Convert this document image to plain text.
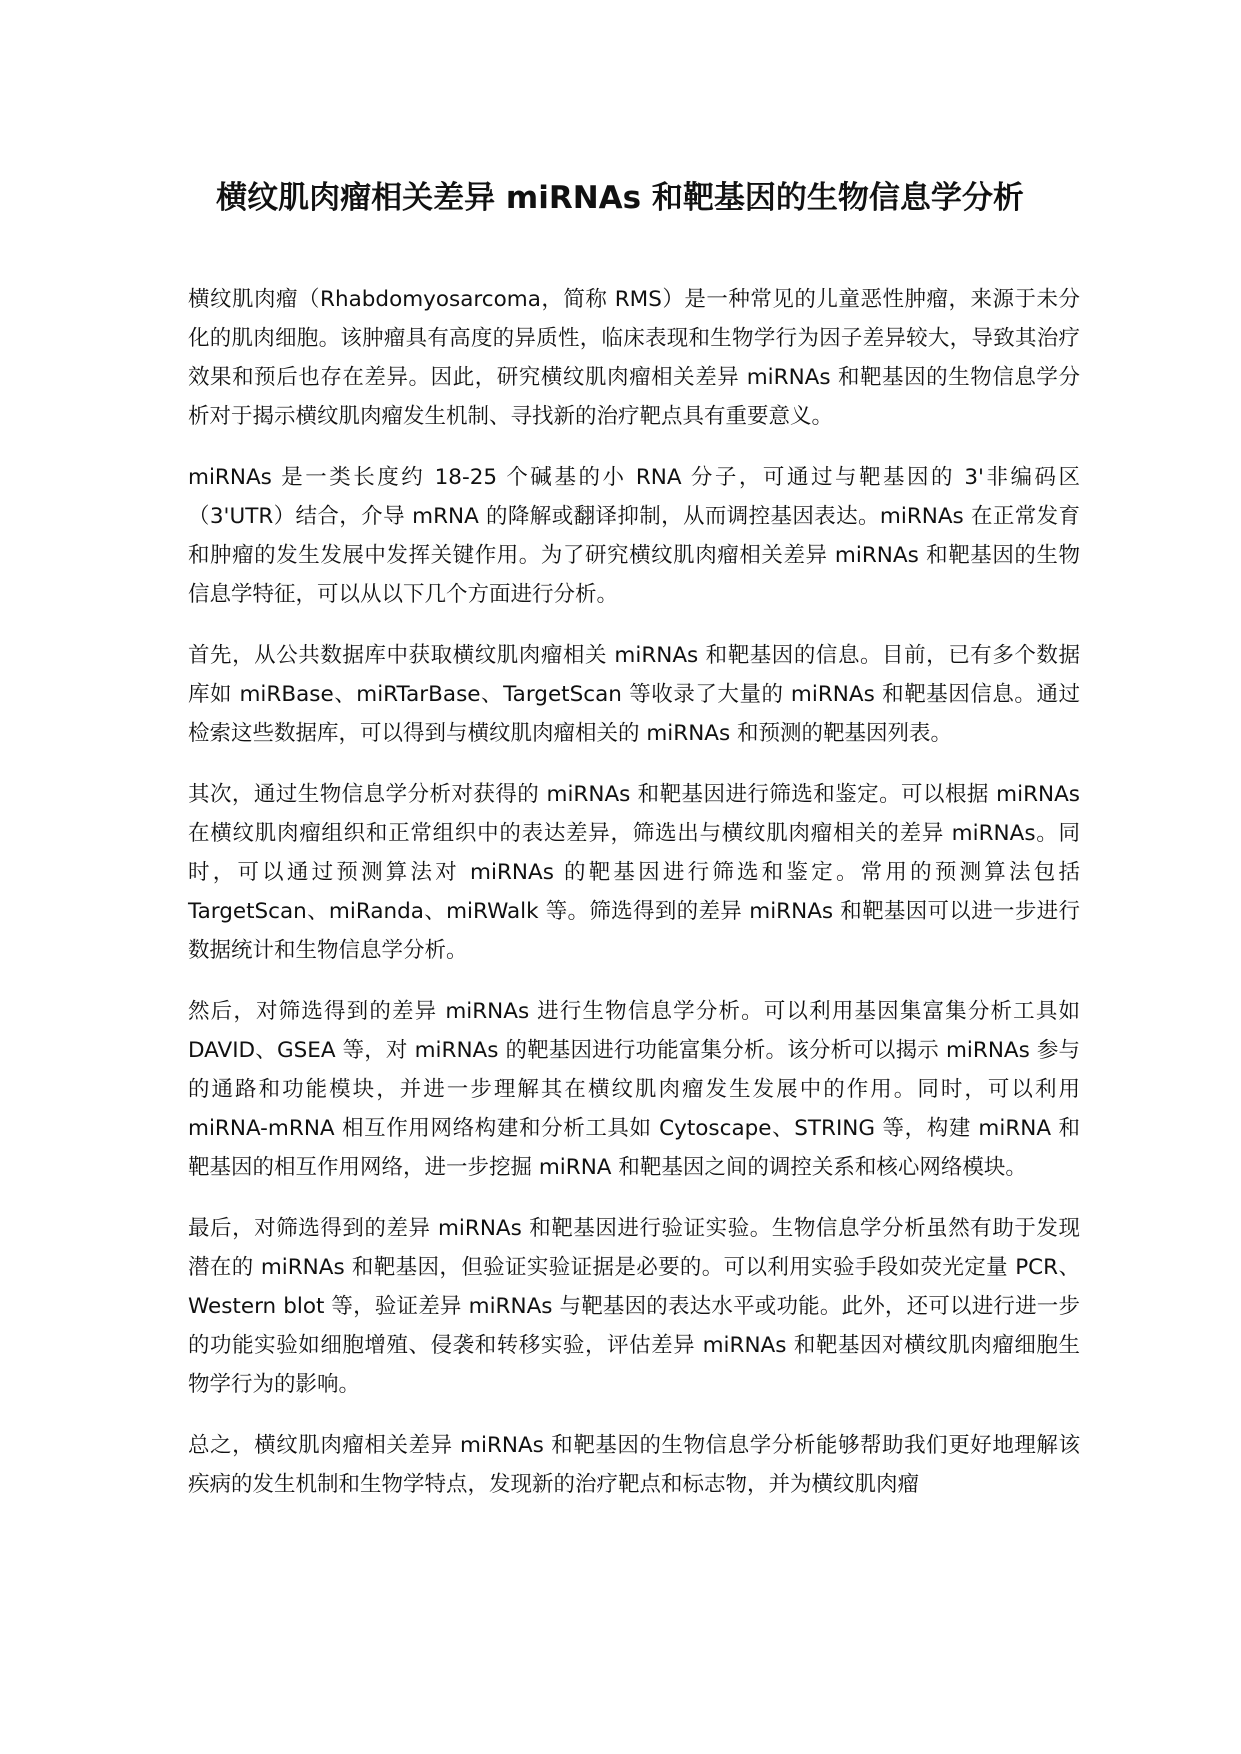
横纹肌肉瘤相关差异 miRNAs 和靶基因的生物信息学分析

横纹肌肉瘤（Rhabdomyosarcoma，简称 RMS）是一种常见的儿童恶性肿瘤，来源于未分化的肌肉细胞。该肿瘤具有高度的异质性，临床表现和生物学行为因子差异较大，导致其治疗效果和预后也存在差异。因此，研究横纹肌肉瘤相关差异 miRNAs 和靶基因的生物信息学分析对于揭示横纹肌肉瘤发生机制、寻找新的治疗靶点具有重要意义。

miRNAs 是一类长度约 18-25 个碱基的小 RNA 分子，可通过与靶基因的 3'非编码区（3'UTR）结合，介导 mRNA 的降解或翻译抑制，从而调控基因表达。miRNAs 在正常发育和肿瘤的发生发展中发挥关键作用。为了研究横纹肌肉瘤相关差异 miRNAs 和靶基因的生物信息学特征，可以从以下几个方面进行分析。

首先，从公共数据库中获取横纹肌肉瘤相关 miRNAs 和靶基因的信息。目前，已有多个数据库如 miRBase、miRTarBase、TargetScan 等收录了大量的 miRNAs 和靶基因信息。通过检索这些数据库，可以得到与横纹肌肉瘤相关的 miRNAs 和预测的靶基因列表。

其次，通过生物信息学分析对获得的 miRNAs 和靶基因进行筛选和鉴定。可以根据 miRNAs 在横纹肌肉瘤组织和正常组织中的表达差异，筛选出与横纹肌肉瘤相关的差异 miRNAs。同时，可以通过预测算法对 miRNAs 的靶基因进行筛选和鉴定。常用的预测算法包括 TargetScan、miRanda、miRWalk 等。筛选得到的差异 miRNAs 和靶基因可以进一步进行数据统计和生物信息学分析。

然后，对筛选得到的差异 miRNAs 进行生物信息学分析。可以利用基因集富集分析工具如 DAVID、GSEA 等，对 miRNAs 的靶基因进行功能富集分析。该分析可以揭示 miRNAs 参与的通路和功能模块，并进一步理解其在横纹肌肉瘤发生发展中的作用。同时，可以利用 miRNA-mRNA 相互作用网络构建和分析工具如 Cytoscape、STRING 等，构建 miRNA 和靶基因的相互作用网络，进一步挖掘 miRNA 和靶基因之间的调控关系和核心网络模块。

最后，对筛选得到的差异 miRNAs 和靶基因进行验证实验。生物信息学分析虽然有助于发现潜在的 miRNAs 和靶基因，但验证实验证据是必要的。可以利用实验手段如荧光定量 PCR、Western blot 等，验证差异 miRNAs 与靶基因的表达水平或功能。此外，还可以进行进一步的功能实验如细胞增殖、侵袭和转移实验，评估差异 miRNAs 和靶基因对横纹肌肉瘤细胞生物学行为的影响。

总之，横纹肌肉瘤相关差异 miRNAs 和靶基因的生物信息学分析能够帮助我们更好地理解该疾病的发生机制和生物学特点，发现新的治疗靶点和标志物，并为横纹肌肉瘤
